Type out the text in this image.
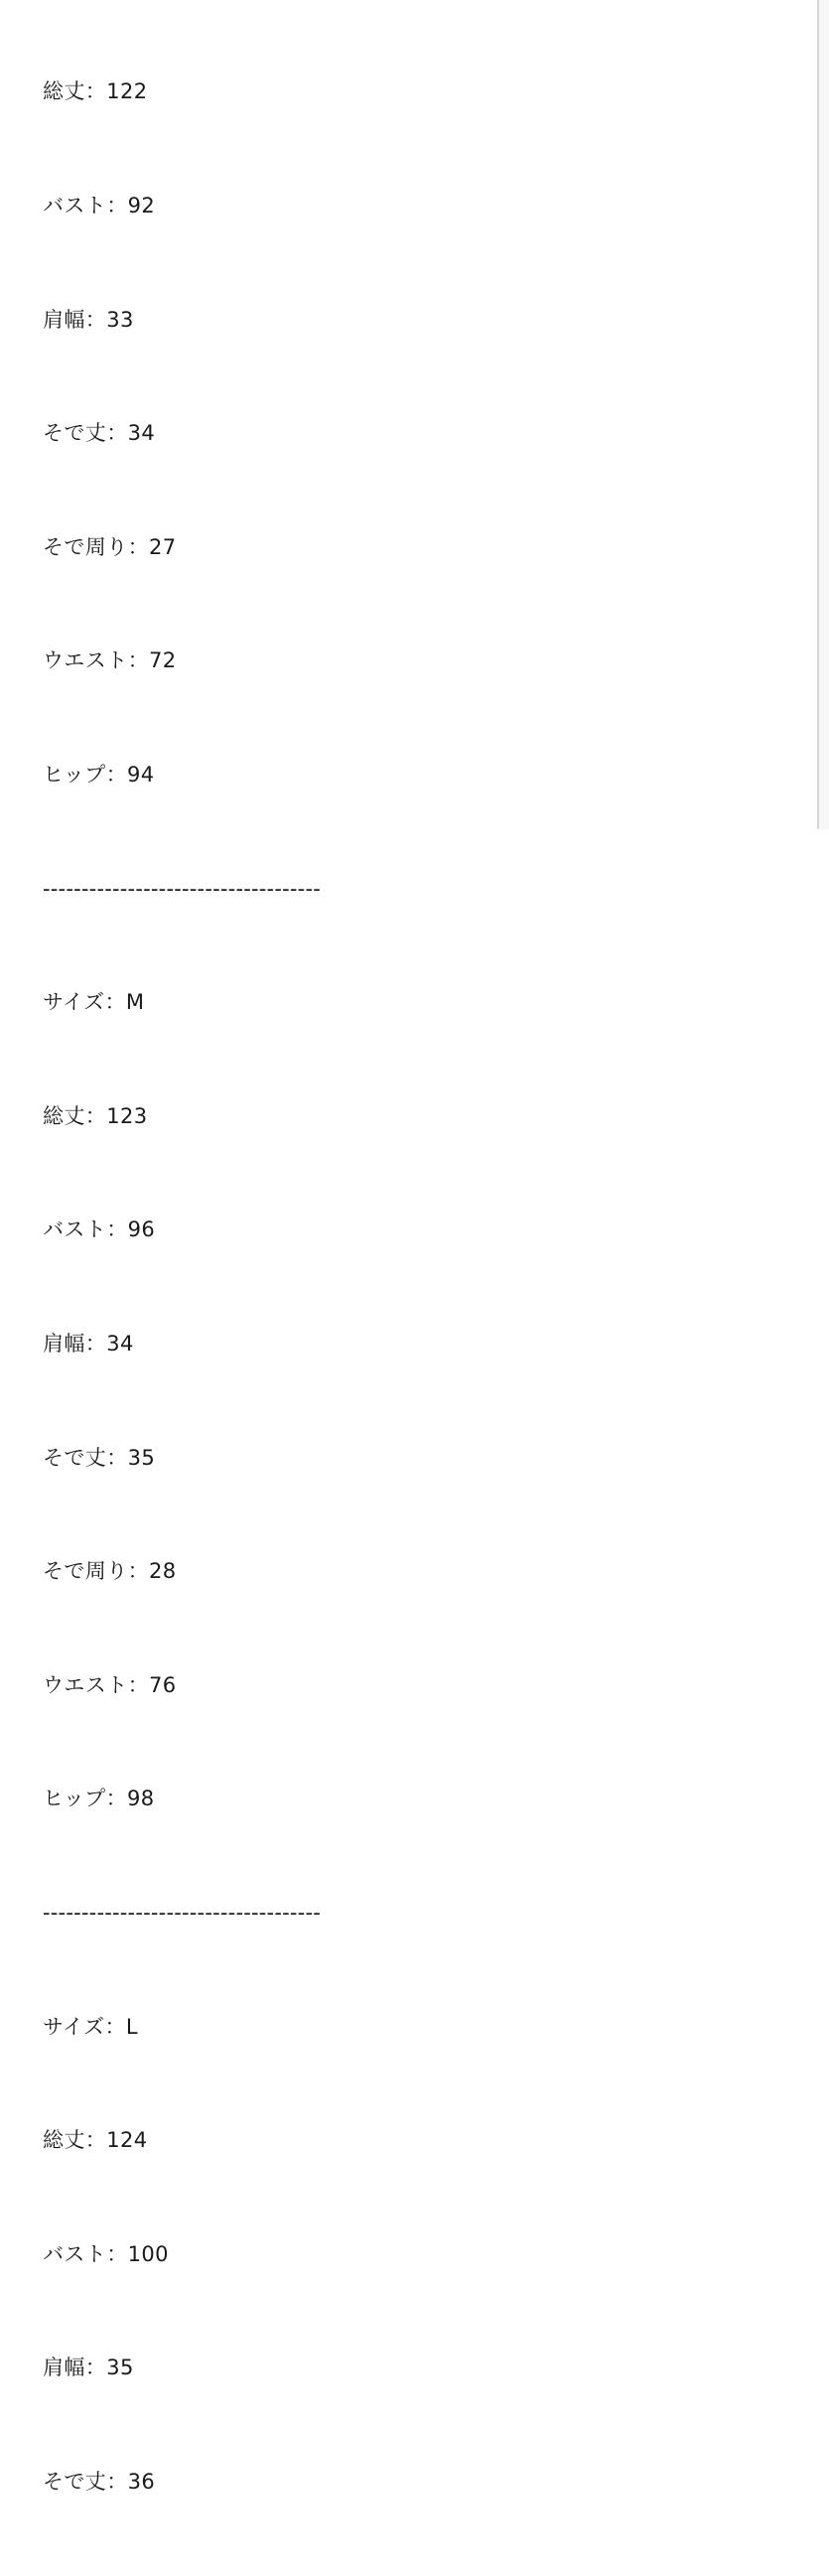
総丈：122

バスト：92

肩幅：33

そで丈：34

そで周り：27

ウエスト：72

ヒップ：94

------------------------------------

サイズ：M

総丈：123

バスト：96

肩幅：34

そで丈：35

そで周り：28

ウエスト：76

ヒップ：98

------------------------------------

サイズ：L

総丈：124

バスト：100

肩幅：35

そで丈：36
